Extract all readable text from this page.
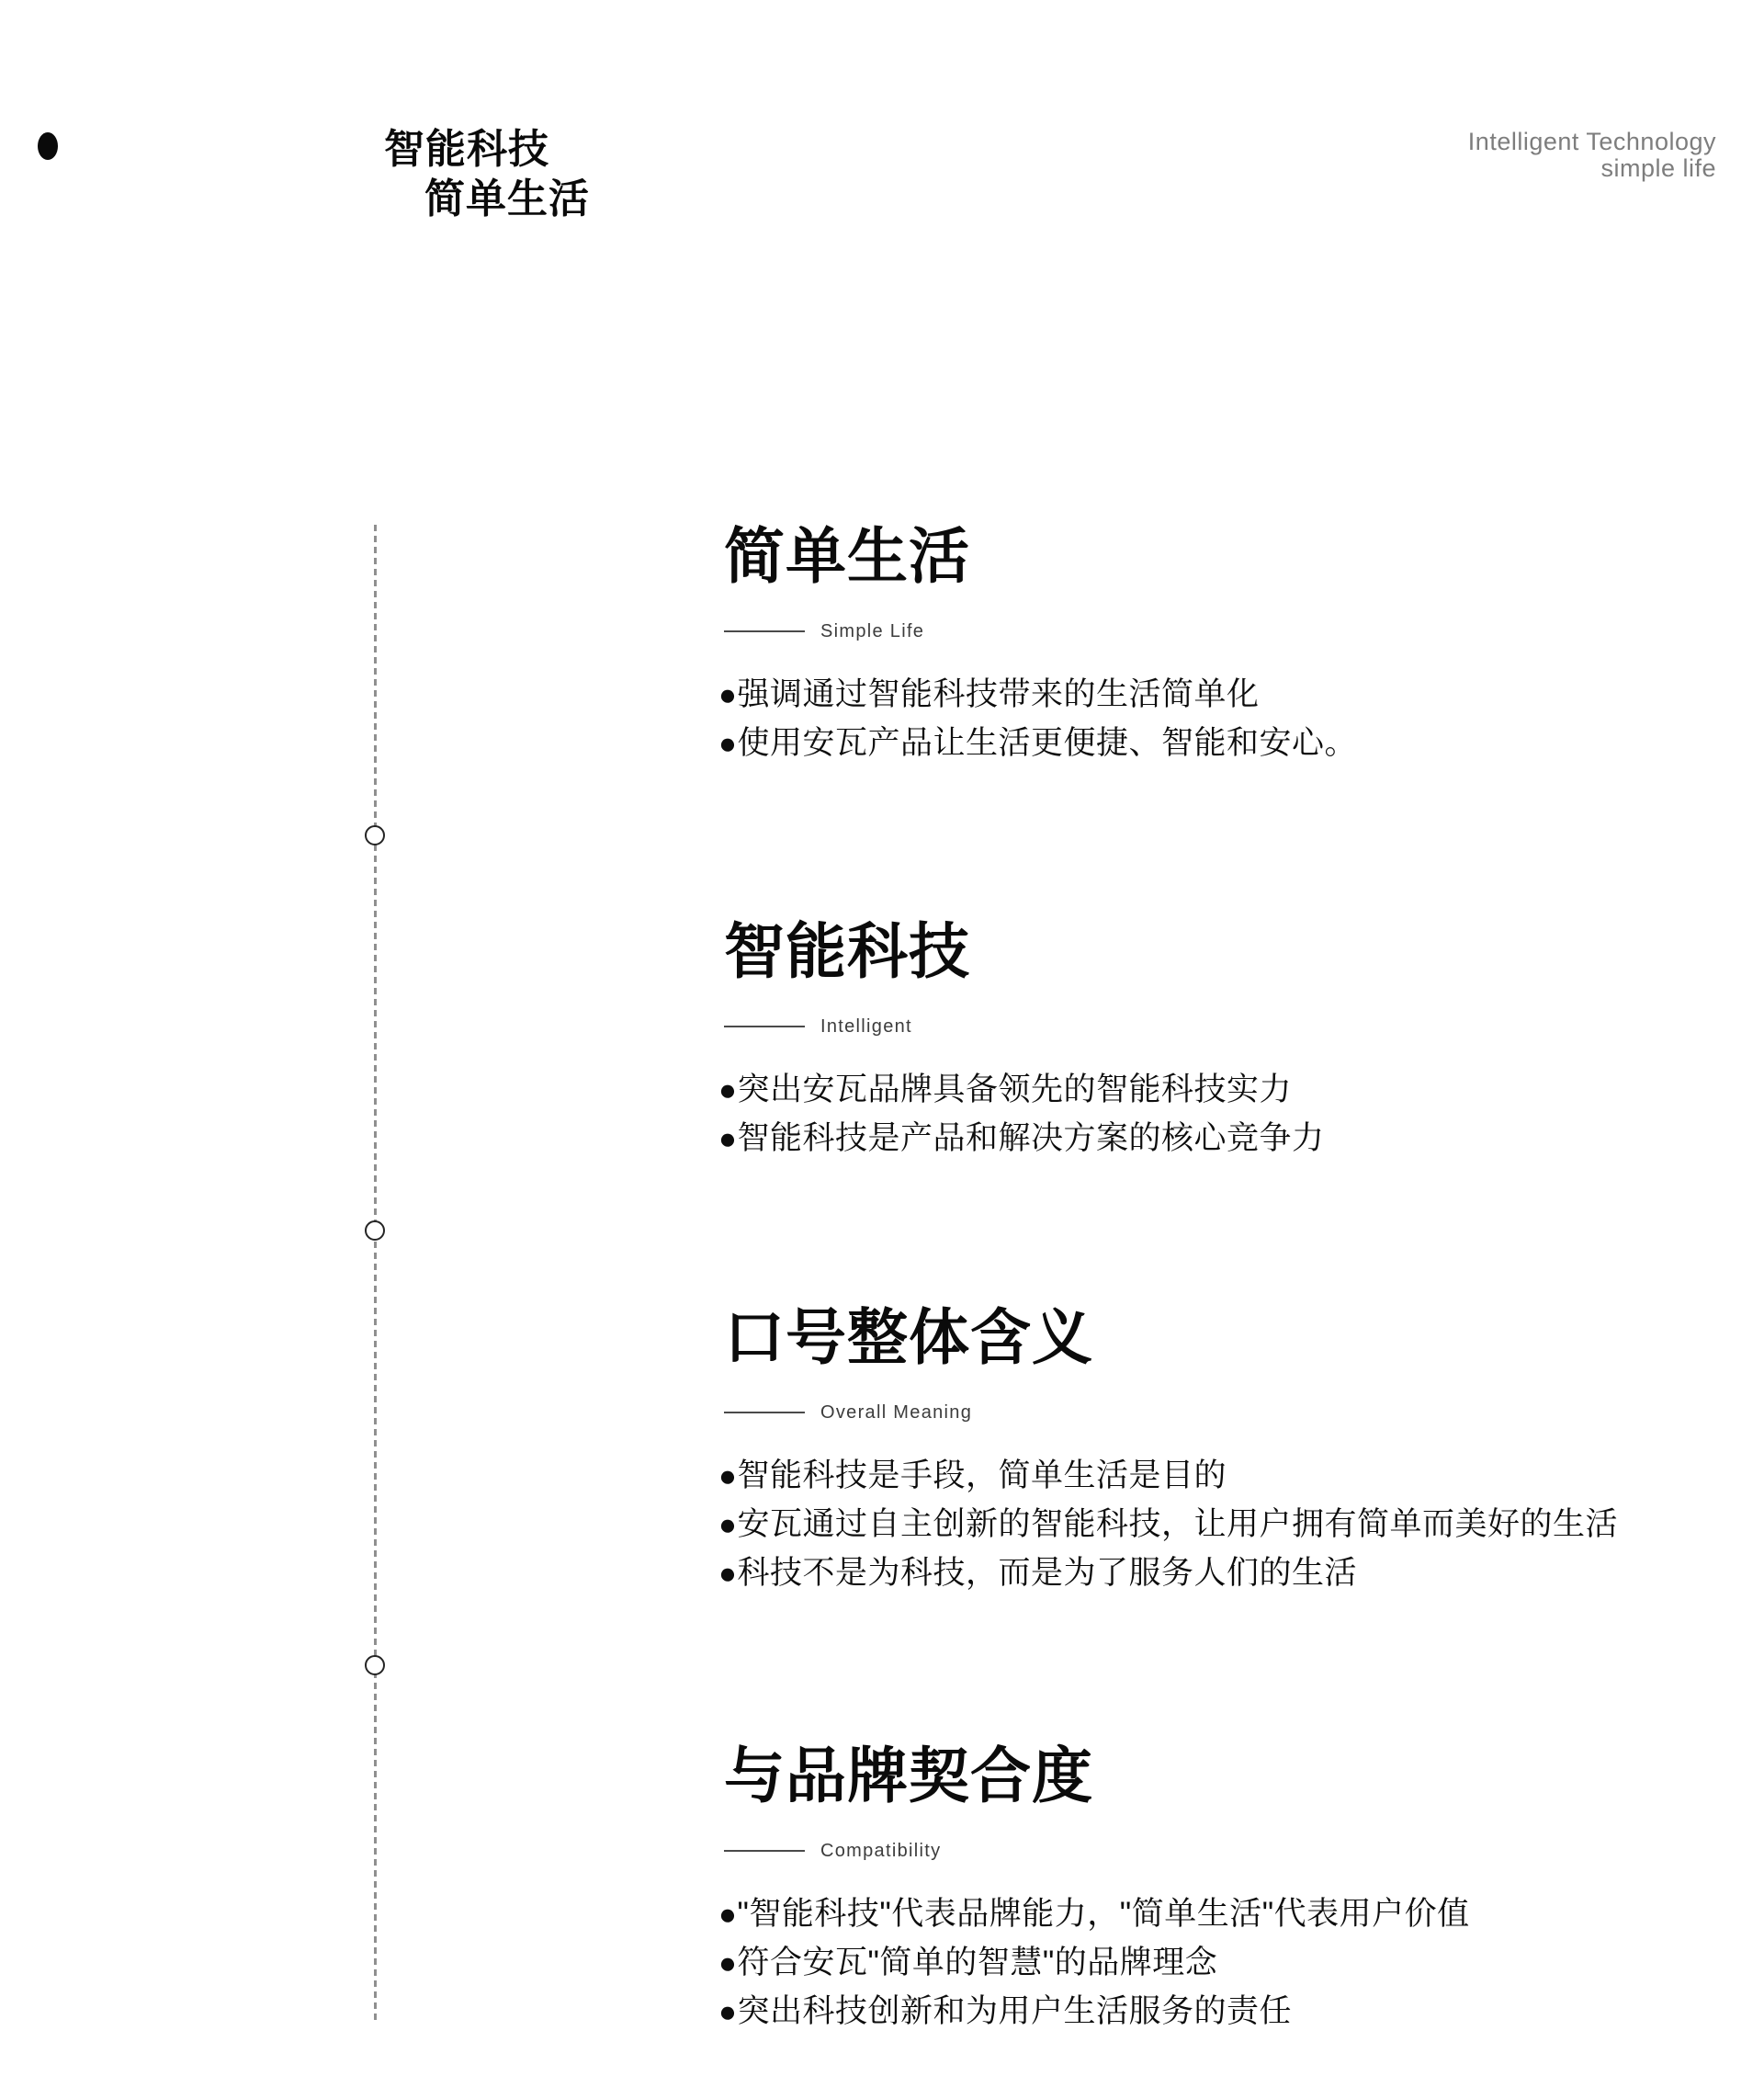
智能科技
简单生活
Intelligent Technology
simple life
简单生活
Simple Life
●强调通过智能科技带来的生活简单化
●使用安瓦产品让生活更便捷、智能和安心。
智能科技
Intelligent
●突出安瓦品牌具备领先的智能科技实力
●智能科技是产品和解决方案的核心竞争力
口号整体含义
Overall Meaning
●智能科技是手段，简单生活是目的
●安瓦通过自主创新的智能科技，让用户拥有简单而美好的生活
●科技不是为科技，而是为了服务人们的生活
与品牌契合度
Compatibility
●"智能科技"代表品牌能力，"简单生活"代表用户价值
●符合安瓦"简单的智慧"的品牌理念
●突出科技创新和为用户生活服务的责任
